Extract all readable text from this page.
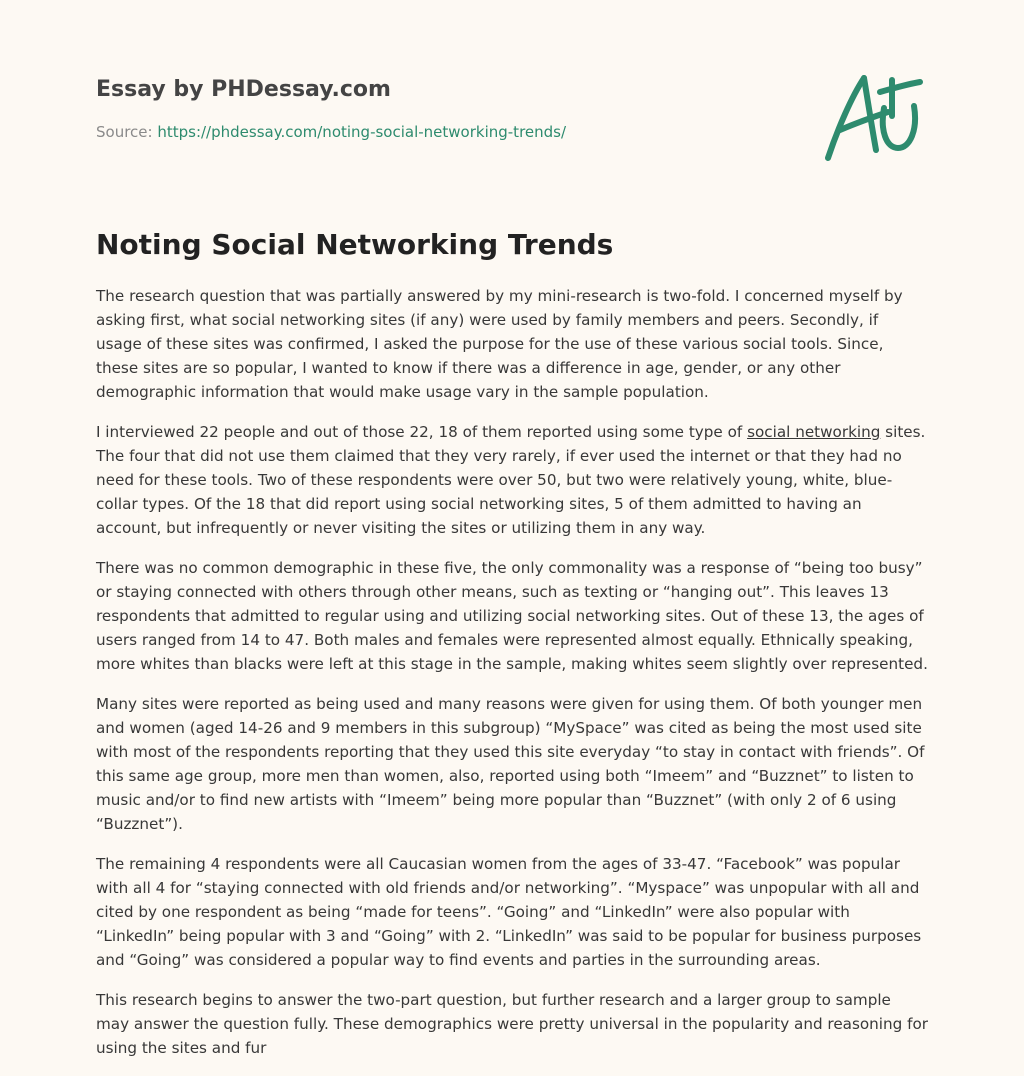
Essay by PHDessay.com

Source: https://phdessay.com/noting-social-networking-trends/

Noting Social Networking Trends

The research question that was partially answered by my mini-research is two-fold. I concerned myself by asking first, what social networking sites (if any) were used by family members and peers. Secondly, if usage of these sites was confirmed, I asked the purpose for the use of these various social tools. Since, these sites are so popular, I wanted to know if there was a difference in age, gender, or any other demographic information that would make usage vary in the sample population.

I interviewed 22 people and out of those 22, 18 of them reported using some type of social networking sites. The four that did not use them claimed that they very rarely, if ever used the internet or that they had no need for these tools. Two of these respondents were over 50, but two were relatively young, white, blue-collar types. Of the 18 that did report using social networking sites, 5 of them admitted to having an account, but infrequently or never visiting the sites or utilizing them in any way.

There was no common demographic in these five, the only commonality was a response of “being too busy” or staying connected with others through other means, such as texting or “hanging out”. This leaves 13 respondents that admitted to regular using and utilizing social networking sites. Out of these 13, the ages of users ranged from 14 to 47. Both males and females were represented almost equally. Ethnically speaking, more whites than blacks were left at this stage in the sample, making whites seem slightly over represented.

Many sites were reported as being used and many reasons were given for using them. Of both younger men and women (aged 14-26 and 9 members in this subgroup) “MySpace” was cited as being the most used site with most of the respondents reporting that they used this site everyday “to stay in contact with friends”. Of this same age group, more men than women, also, reported using both “Imeem” and “Buzznet” to listen to music and/or to find new artists with “Imeem” being more popular than “Buzznet” (with only 2 of 6 using “Buzznet”).

The remaining 4 respondents were all Caucasian women from the ages of 33-47. “Facebook” was popular with all 4 for “staying connected with old friends and/or networking”. “Myspace” was unpopular with all and cited by one respondent as being “made for teens”. “Going” and “LinkedIn” were also popular with “LinkedIn” being popular with 3 and “Going” with 2. “LinkedIn” was said to be popular for business purposes and “Going” was considered a popular way to find events and parties in the surrounding areas.

This research begins to answer the two-part question, but further research and a larger group to sample may answer the question fully. These demographics were pretty universal in the popularity and reasoning for using the sites and fur
